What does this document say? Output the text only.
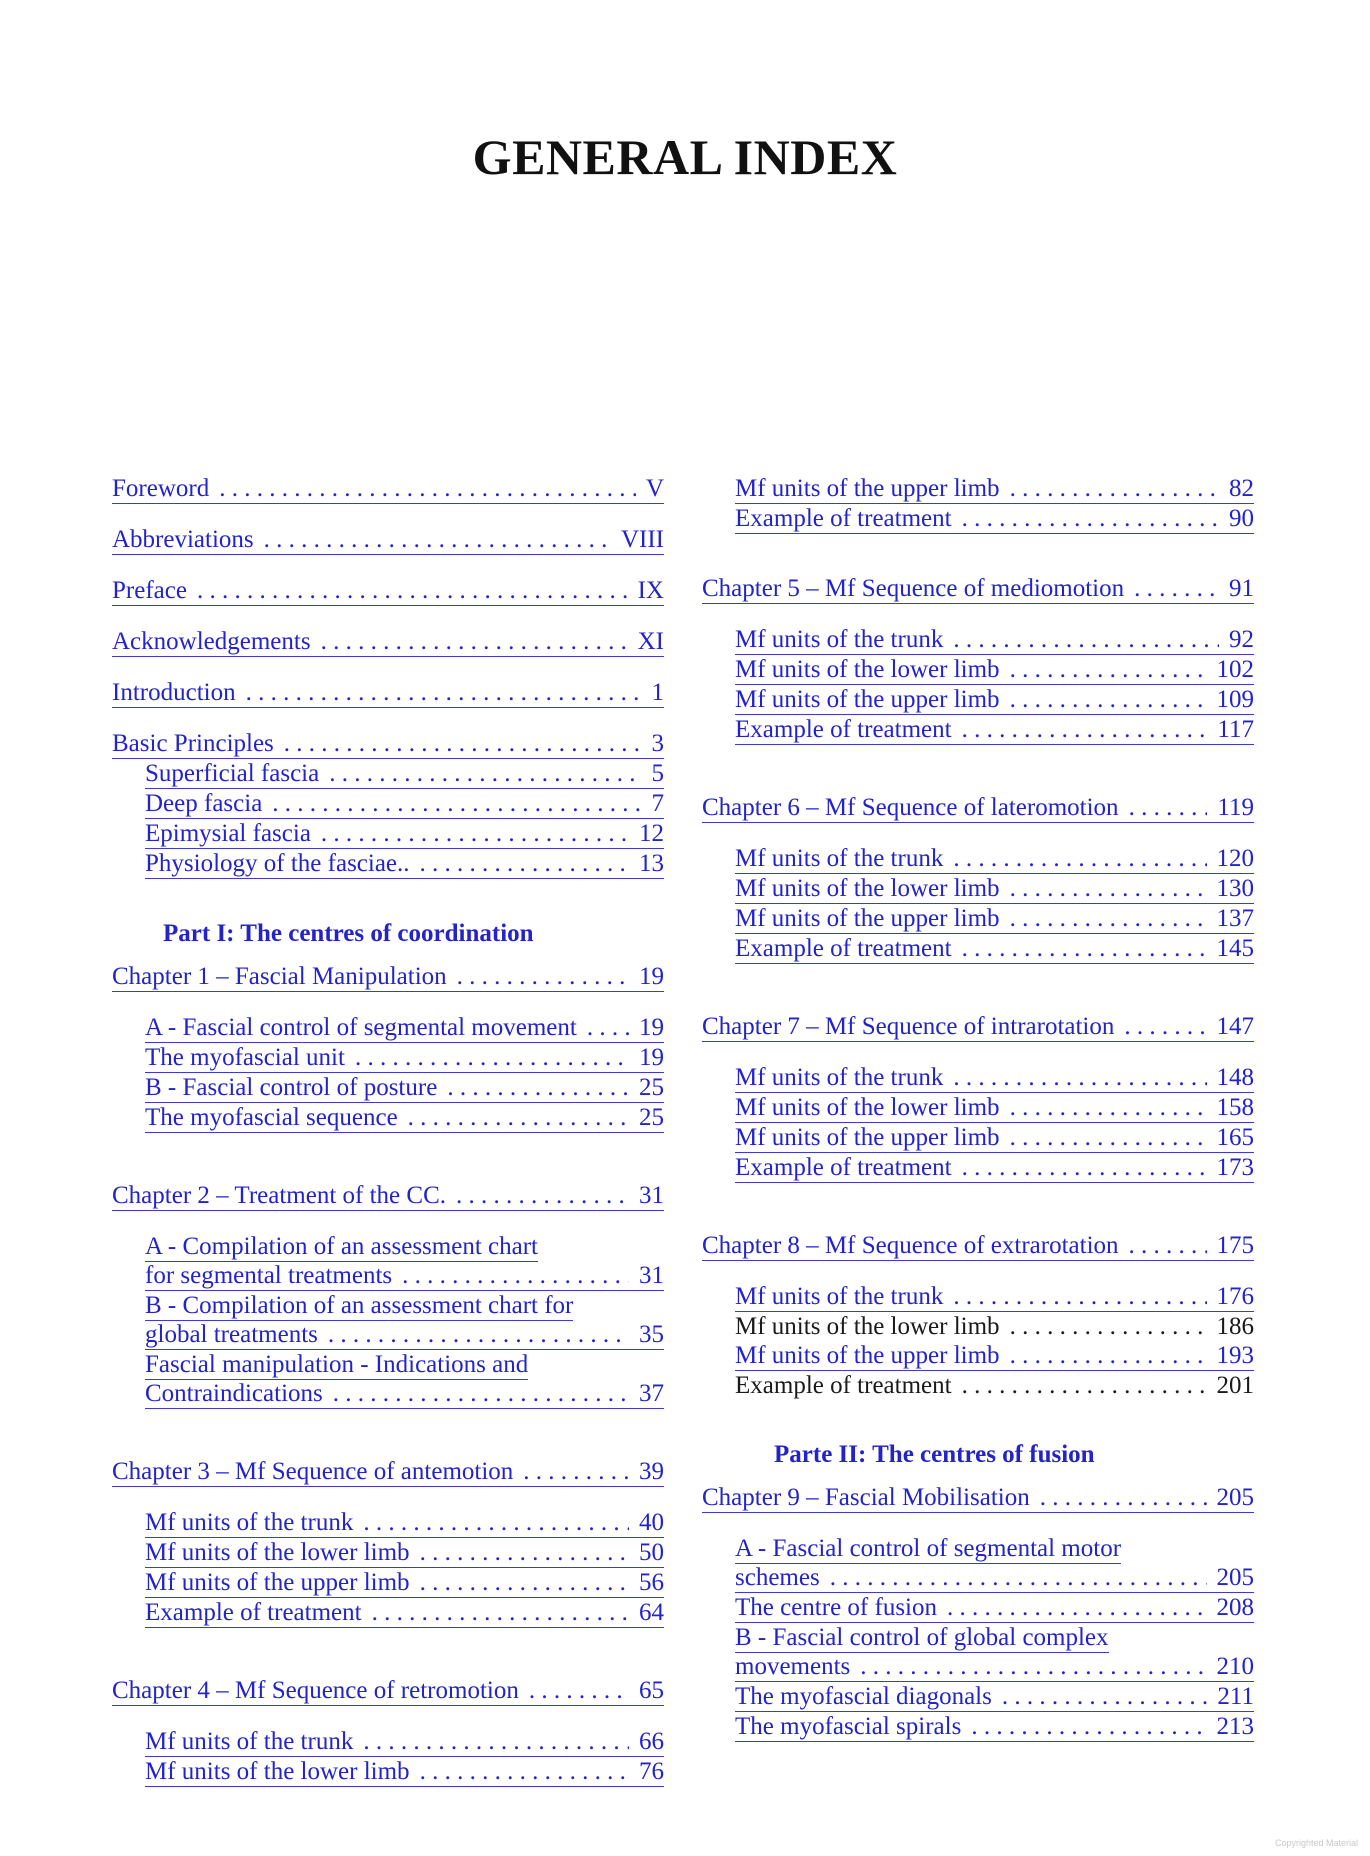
GENERAL INDEX
Foreword . . .	V
Abbreviations . . .	VIII
Preface . . .	IX
Acknowledgements . . .	XI
Introduction . . .	1
Basic Principles . . .	3
Superficial fascia . . .	5
Deep fascia . . .	7
Epimysial fascia . . .	12
Physiology of the fasciae.. . . .	13
Part I: The centres of coordination
Chapter 1 – Fascial Manipulation . . .	19
A - Fascial control of segmental movement . . . 19
The myofascial unit . . .	19
B - Fascial control of posture . . .	25
The myofascial sequence . . .	25
Chapter 2 – Treatment of the CC. . . .	31
A - Compilation of an assessment chart
for segmental treatments . . .	31
B - Compilation of an assessment chart for
global treatments . . .	35
Fascial manipulation - Indications and
Contraindications . . .	37
Chapter 3 – Mf Sequence of antemotion . . .	39
Mf units of the trunk . . .	40
Mf units of the lower limb . . .	50
Mf units of the upper limb . . .	56
Example of treatment . . .	64
Chapter 4 – Mf Sequence of retromotion . . .	65
Mf units of the trunk . . .	66
Mf units of the lower limb . . .	76
Mf units of the upper limb . . .	82
Example of treatment . . .	90
Chapter 5 – Mf Sequence of mediomotion . . .	91
Mf units of the trunk . . .	92
Mf units of the lower limb . . .	102
Mf units of the upper limb . . .	109
Example of treatment . . .	117
Chapter 6 – Mf Sequence of lateromotion . . .	119
Mf units of the trunk . . .	120
Mf units of the lower limb . . .	130
Mf units of the upper limb . . .	137
Example of treatment . . .	145
Chapter 7 – Mf Sequence of intrarotation . . .	147
Mf units of the trunk . . .	148
Mf units of the lower limb . . .	158
Mf units of the upper limb . . .	165
Example of treatment . . .	173
Chapter 8 – Mf Sequence of extrarotation . . .	175
Mf units of the trunk . . .	176
Mf units of the lower limb . . .	186
Mf units of the upper limb . . .	193
Example of treatment . . .	201
Parte II: The centres of fusion
Chapter 9 – Fascial Mobilisation . . .	205
A - Fascial control of segmental motor
schemes . . .	205
The centre of fusion . . .	208
B - Fascial control of global complex
movements . . .	210
The myofascial diagonals . . .	211
The myofascial spirals . . .	213
Copyrighted Material
